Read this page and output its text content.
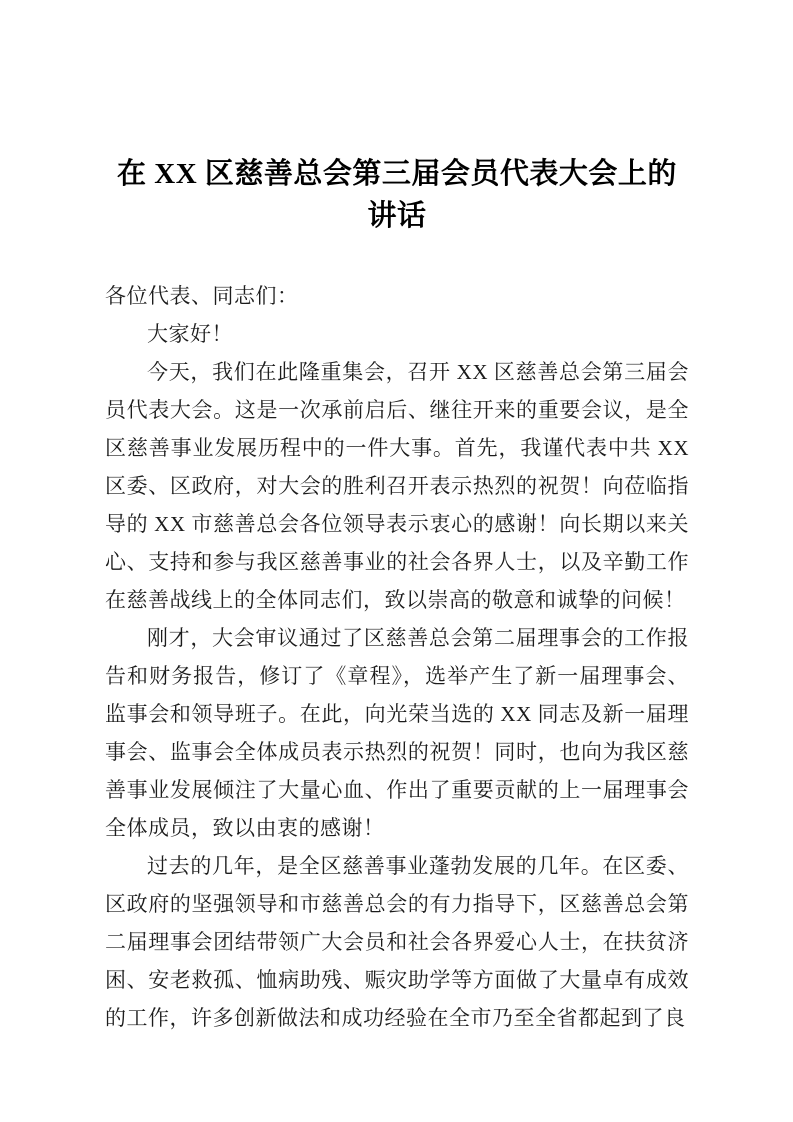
在 XX 区慈善总会第三届会员代表大会上的讲话

各位代表、同志们：

大家好！

今天，我们在此隆重集会，召开 XX 区慈善总会第三届会员代表大会。这是一次承前启后、继往开来的重要会议，是全区慈善事业发展历程中的一件大事。首先，我谨代表中共 XX 区委、区政府，对大会的胜利召开表示热烈的祝贺！向莅临指导的 XX 市慈善总会各位领导表示衷心的感谢！向长期以来关心、支持和参与我区慈善事业的社会各界人士，以及辛勤工作在慈善战线上的全体同志们，致以崇高的敬意和诚挚的问候！

刚才，大会审议通过了区慈善总会第二届理事会的工作报告和财务报告，修订了《章程》，选举产生了新一届理事会、监事会和领导班子。在此，向光荣当选的 XX 同志及新一届理事会、监事会全体成员表示热烈的祝贺！同时，也向为我区慈善事业发展倾注了大量心血、作出了重要贡献的上一届理事会全体成员，致以由衷的感谢！

过去的几年，是全区慈善事业蓬勃发展的几年。在区委、区政府的坚强领导和市慈善总会的有力指导下，区慈善总会第二届理事会团结带领广大会员和社会各界爱心人士，在扶贫济困、安老救孤、恤病助残、赈灾助学等方面做了大量卓有成效的工作，许多创新做法和成功经验在全市乃至全省都起到了良
